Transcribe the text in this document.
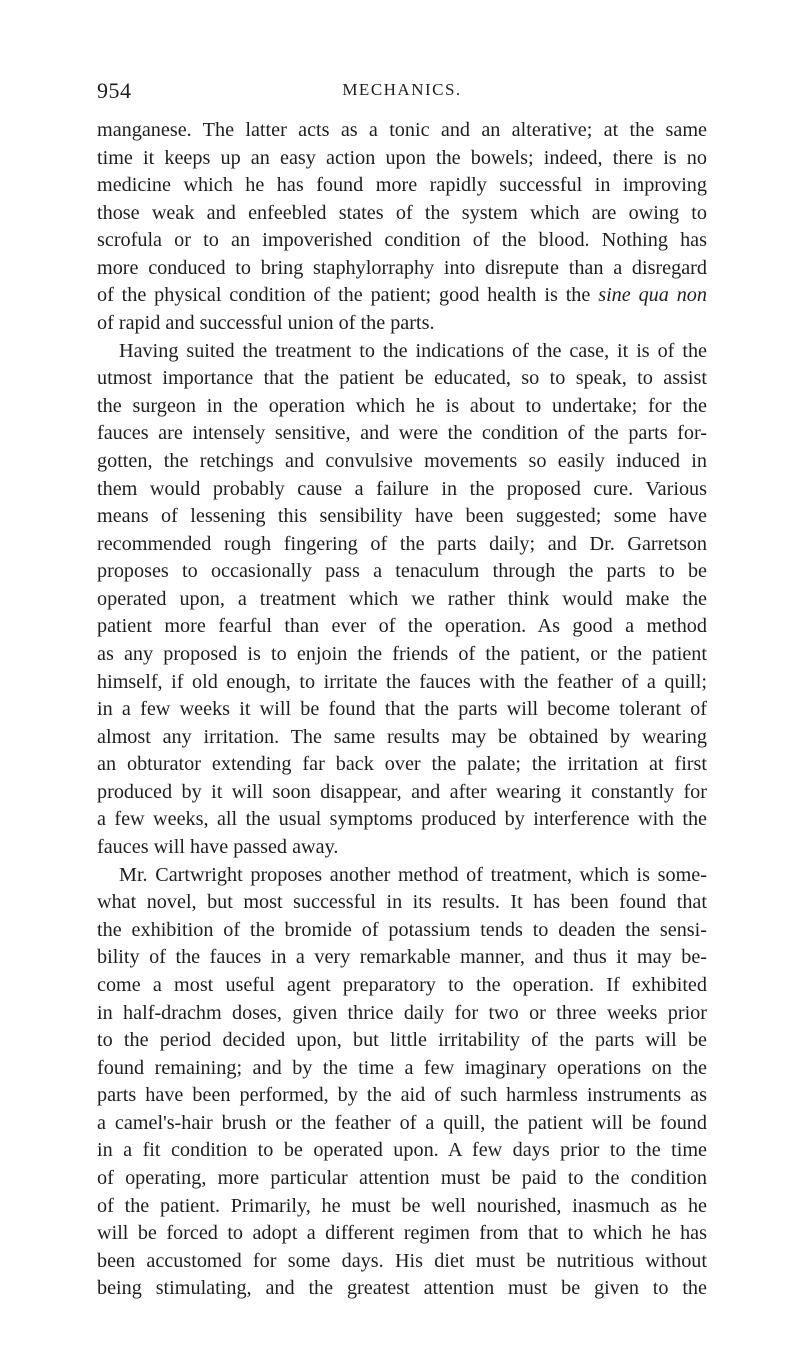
954	MECHANICS.
manganese. The latter acts as a tonic and an alterative; at the same
time it keeps up an easy action upon the bowels; indeed, there is no
medicine which he has found more rapidly successful in improving
those weak and enfeebled states of the system which are owing to
scrofula or to an impoverished condition of the blood. Nothing has
more conduced to bring staphylorraphy into disrepute than a disregard
of the physical condition of the patient; good health is the sine qua non
of rapid and successful union of the parts.
Having suited the treatment to the indications of the case, it is of the
utmost importance that the patient be educated, so to speak, to assist
the surgeon in the operation which he is about to undertake; for the
fauces are intensely sensitive, and were the condition of the parts for-
gotten, the retchings and convulsive movements so easily induced in
them would probably cause a failure in the proposed cure. Various
means of lessening this sensibility have been suggested; some have
recommended rough fingering of the parts daily; and Dr. Garretson
proposes to occasionally pass a tenaculum through the parts to be
operated upon, a treatment which we rather think would make the
patient more fearful than ever of the operation. As good a method
as any proposed is to enjoin the friends of the patient, or the patient
himself, if old enough, to irritate the fauces with the feather of a quill;
in a few weeks it will be found that the parts will become tolerant of
almost any irritation. The same results may be obtained by wearing
an obturator extending far back over the palate; the irritation at first
produced by it will soon disappear, and after wearing it constantly for
a few weeks, all the usual symptoms produced by interference with the
fauces will have passed away.
Mr. Cartwright proposes another method of treatment, which is some-
what novel, but most successful in its results. It has been found that
the exhibition of the bromide of potassium tends to deaden the sensi-
bility of the fauces in a very remarkable manner, and thus it may be-
come a most useful agent preparatory to the operation. If exhibited
in half-drachm doses, given thrice daily for two or three weeks prior
to the period decided upon, but little irritability of the parts will be
found remaining; and by the time a few imaginary operations on the
parts have been performed, by the aid of such harmless instruments as
a camel's-hair brush or the feather of a quill, the patient will be found
in a fit condition to be operated upon. A few days prior to the time
of operating, more particular attention must be paid to the condition
of the patient. Primarily, he must be well nourished, inasmuch as he
will be forced to adopt a different regimen from that to which he has
been accustomed for some days. His diet must be nutritious without
being stimulating, and the greatest attention must be given to the
